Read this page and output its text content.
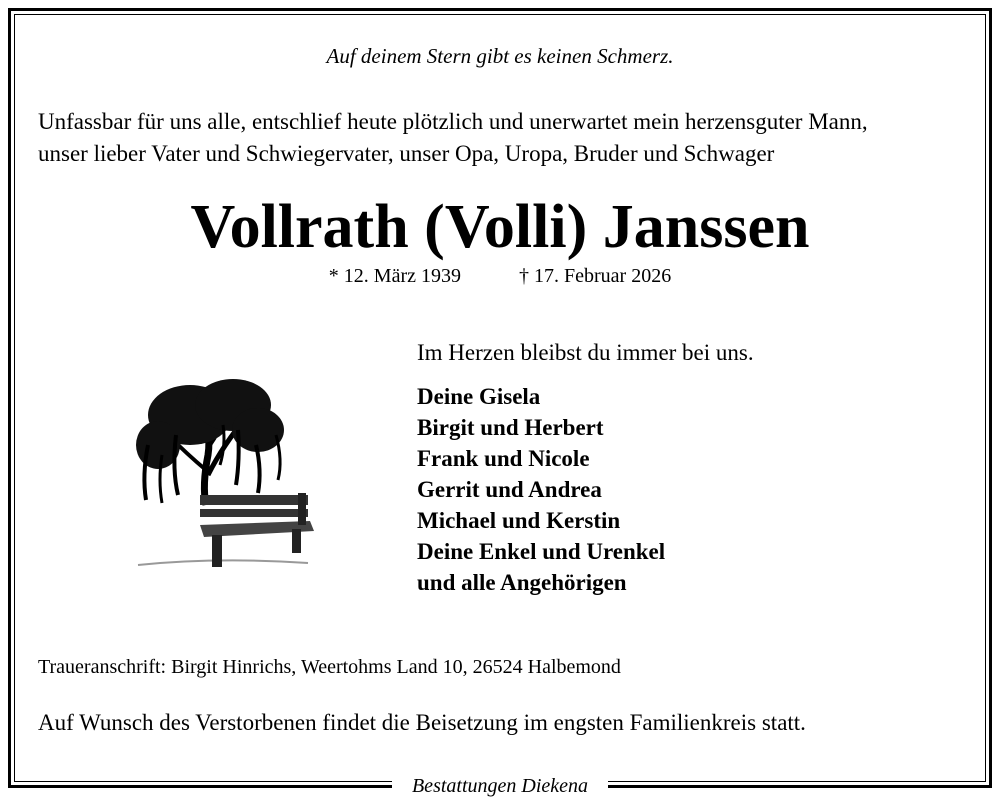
Auf deinem Stern gibt es keinen Schmerz.
Unfassbar für uns alle, entschlief heute plötzlich und unerwartet mein herzensguter Mann,
unser lieber Vater und Schwiegervater, unser Opa, Uropa, Bruder und Schwager
Vollrath (Volli) Janssen
* 12. März 1939	† 17. Februar 2026
Im Herzen bleibst du immer bei uns.
Deine Gisela
Birgit und Herbert
Frank und Nicole
Gerrit und Andrea
Michael und Kerstin
Deine Enkel und Urenkel
und alle Angehörigen
Traueranschrift: Birgit Hinrichs, Weertohms Land 10, 26524 Halbemond
Auf Wunsch des Verstorbenen findet die Beisetzung im engsten Familienkreis statt.
Bestattungen Diekena
